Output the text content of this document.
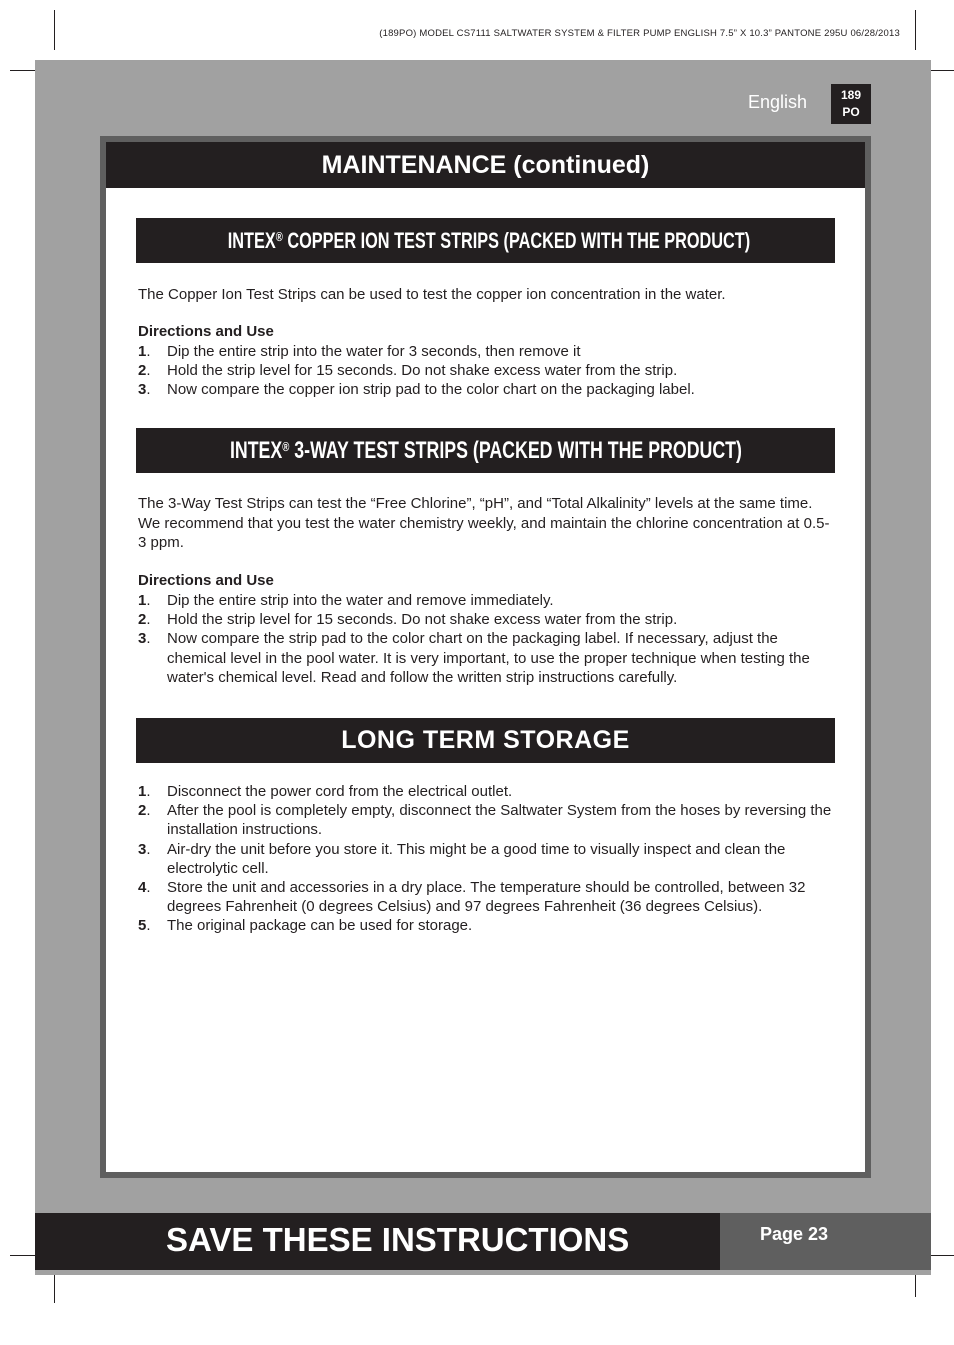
(189PO) MODEL CS7111 SALTWATER SYSTEM & FILTER PUMP ENGLISH 7.5” X 10.3” PANTONE 295U 06/28/2013
English	189
PO
MAINTENANCE (continued)
INTEX® COPPER ION TEST STRIPS (PACKED WITH THE PRODUCT)
The Copper Ion Test Strips can be used to test the copper ion concentration in the water.
Directions and Use
1. Dip the entire strip into the water for 3 seconds, then remove it
2. Hold the strip level for 15 seconds. Do not shake excess water from the strip.
3. Now compare the copper ion strip pad to the color chart on the packaging label.
INTEX® 3-WAY TEST STRIPS (PACKED WITH THE PRODUCT)
The 3-Way Test Strips can test the “Free Chlorine”, “pH”, and “Total Alkalinity” levels at the same time. We recommend that you test the water chemistry weekly, and maintain the chlorine concentration at 0.5-3 ppm.
Directions and Use
1. Dip the entire strip into the water and remove immediately.
2. Hold the strip level for 15 seconds. Do not shake excess water from the strip.
3. Now compare the strip pad to the color chart on the packaging label. If necessary, adjust the chemical level in the pool water. It is very important, to use the proper technique when testing the water's chemical level. Read and follow the written strip instructions carefully.
LONG TERM STORAGE
1. Disconnect the power cord from the electrical outlet.
2. After the pool is completely empty, disconnect the Saltwater System from the hoses by reversing the installation instructions.
3. Air-dry the unit before you store it. This might be a good time to visually inspect and clean the electrolytic cell.
4. Store the unit and accessories in a dry place. The temperature should be controlled, between 32 degrees Fahrenheit (0 degrees Celsius) and 97 degrees Fahrenheit (36 degrees Celsius).
5. The original package can be used for storage.
SAVE THESE INSTRUCTIONS	Page 23
